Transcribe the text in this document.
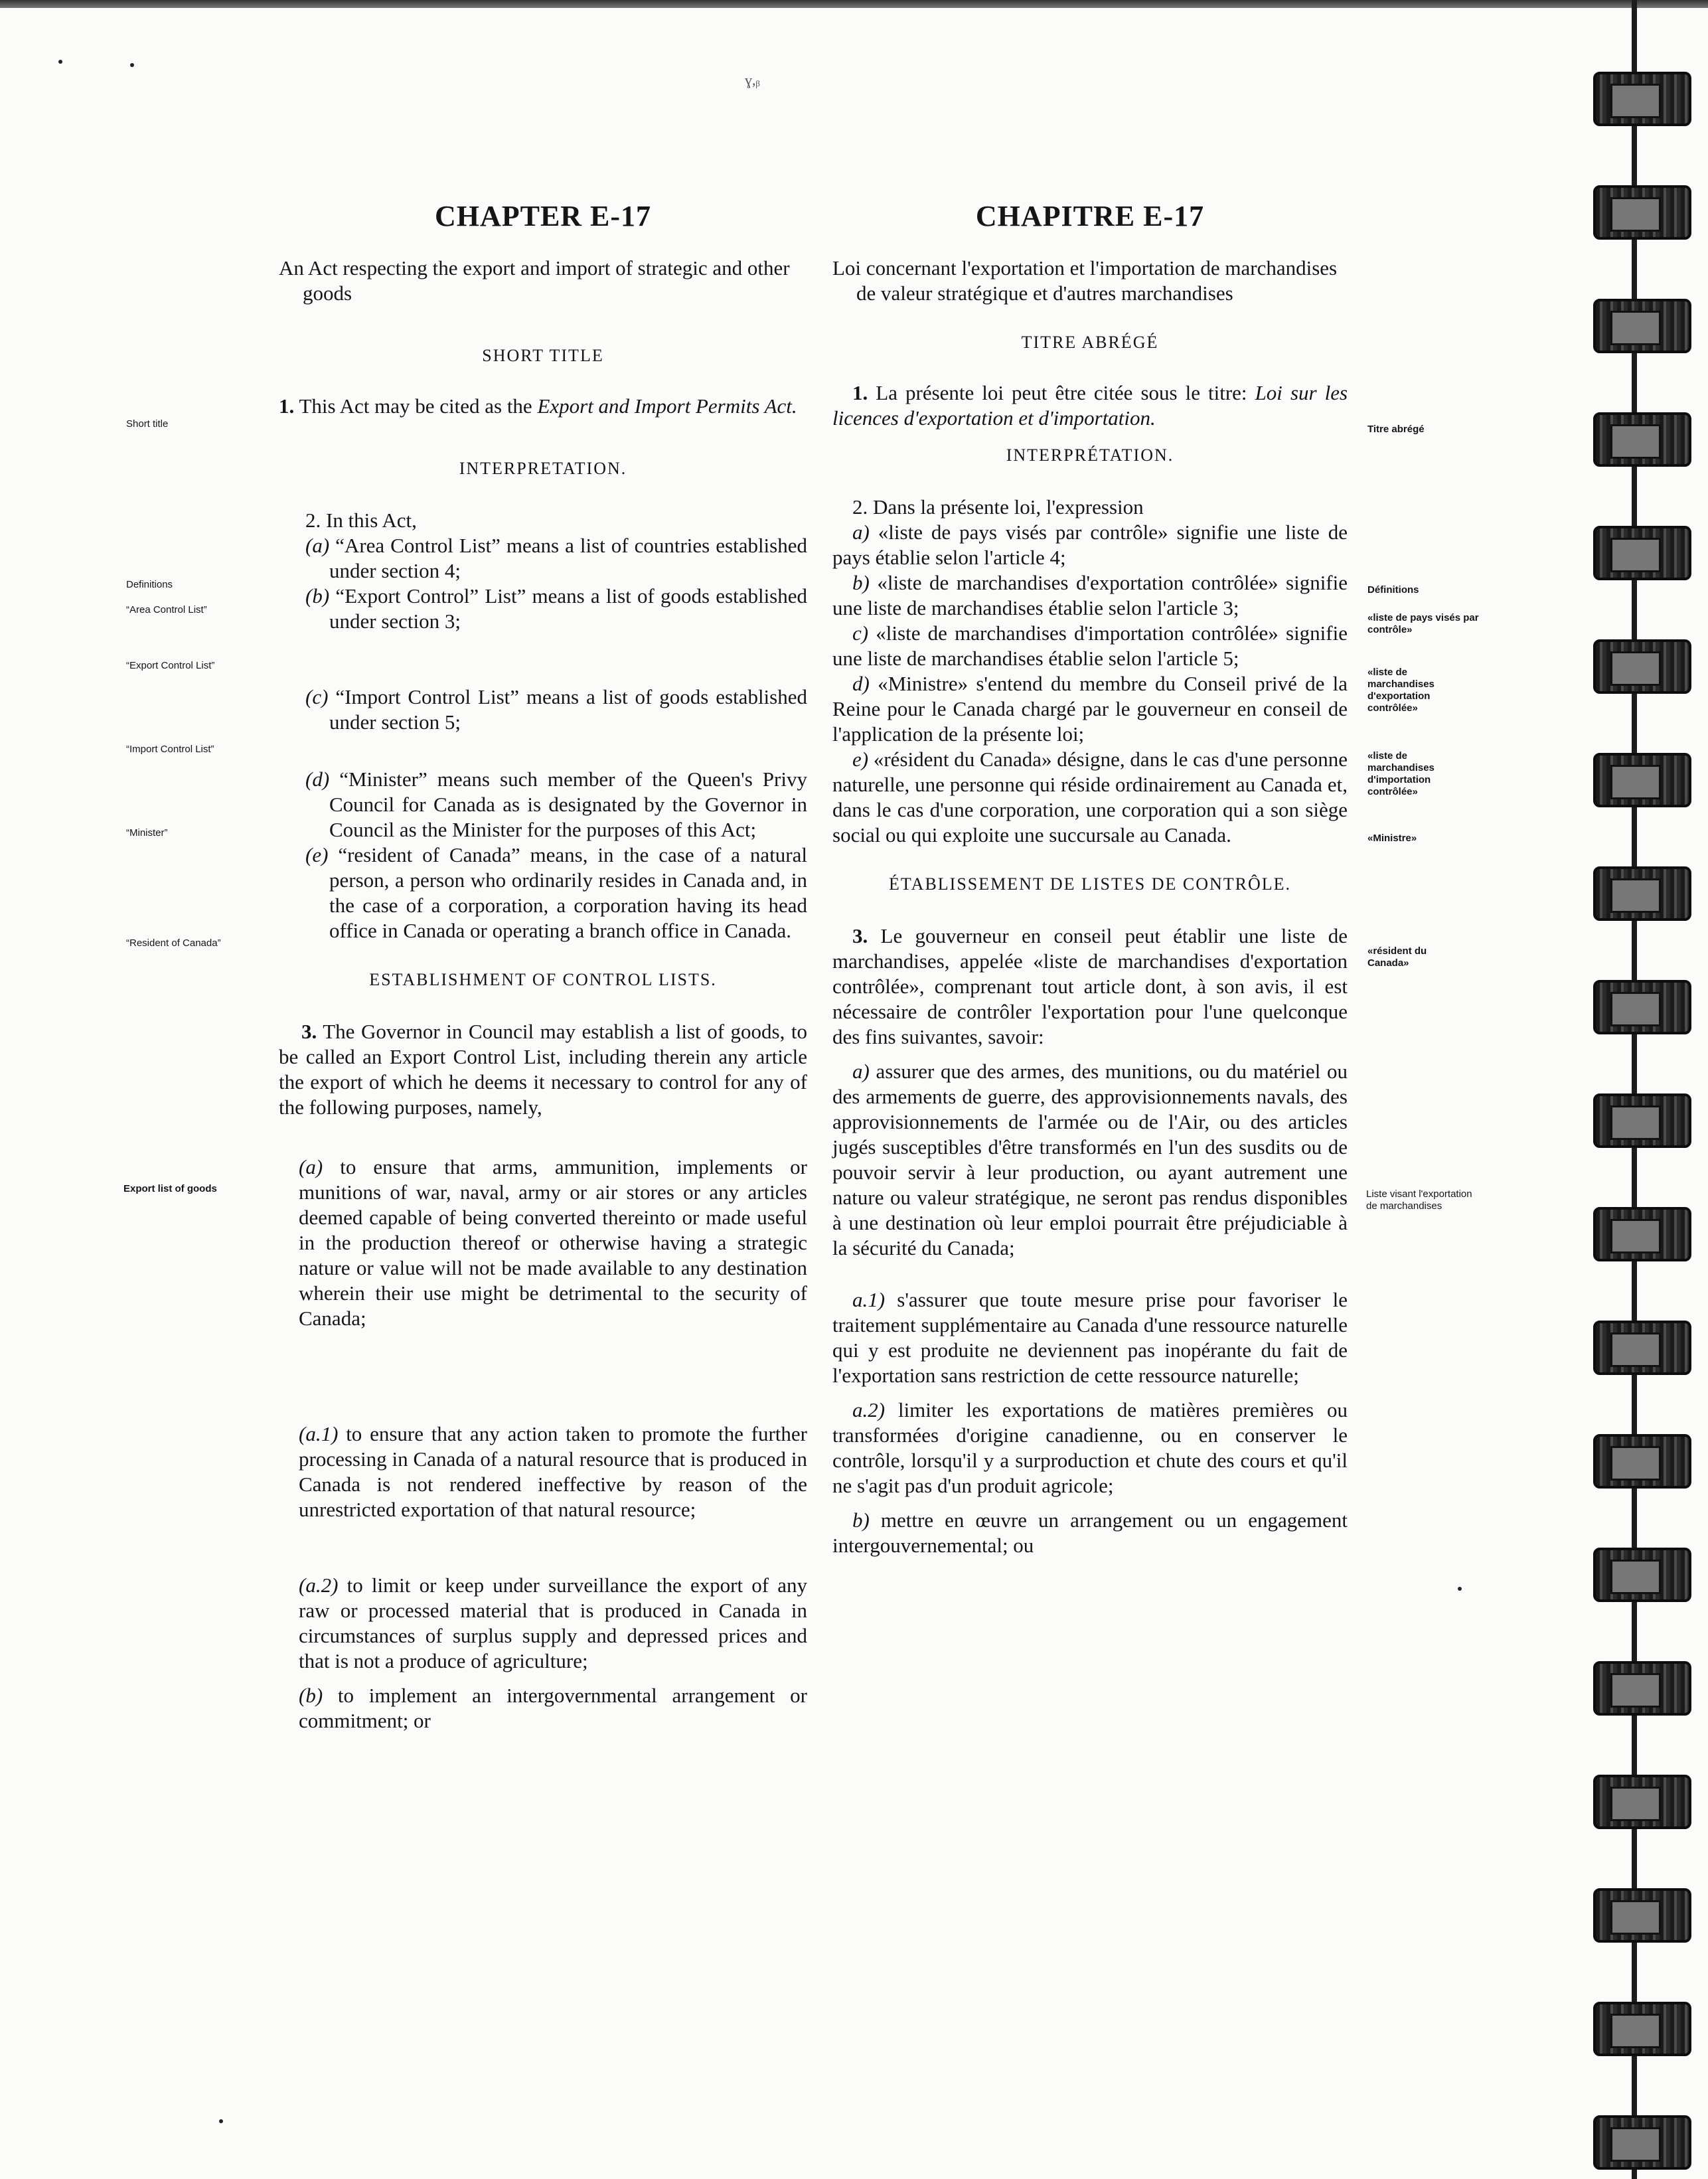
ɣ,ᵦ
CHAPTER E-17

An Act respecting the export and import of strategic and other goods

SHORT TITLE

1. This Act may be cited as the Export and Import Permits Act.

INTERPRETATION.

2. In this Act,

(a) “Area Control List” means a list of countries established under section 4;

(b) “Export Control” List” means a list of goods established under section 3;

(c) “Import Control List” means a list of goods established under section 5;

(d) “Minister” means such member of the Queen's Privy Council for Canada as is designated by the Governor in Council as the Minister for the purposes of this Act;

(e) “resident of Canada” means, in the case of a natural person, a person who ordinarily resides in Canada and, in the case of a corporation, a corporation having its head office in Canada or operating a branch office in Canada.

ESTABLISHMENT OF CONTROL LISTS.

3. The Governor in Council may establish a list of goods, to be called an Export Control List, including therein any article the export of which he deems it necessary to control for any of the following purposes, namely,

(a) to ensure that arms, ammunition, implements or munitions of war, naval, army or air stores or any articles deemed capable of being converted thereinto or made useful in the production thereof or otherwise having a strategic nature or value will not be made available to any destination wherein their use might be detrimental to the security of Canada;

(a.1) to ensure that any action taken to promote the further processing in Canada of a natural resource that is produced in Canada is not rendered ineffective by reason of the unrestricted exportation of that natural resource;

(a.2) to limit or keep under surveillance the export of any raw or processed material that is produced in Canada in circumstances of surplus supply and depressed prices and that is not a produce of agriculture;

(b) to implement an intergovernmental arrangement or commitment; or

CHAPITRE E-17

Loi concernant l'exportation et l'importation de marchandises de valeur stratégique et d'autres marchandises

TITRE ABRÉGÉ

1. La présente loi peut être citée sous le titre: Loi sur les licences d'exportation et d'importation.

INTERPRÉTATION.

2. Dans la présente loi, l'expression

a) «liste de pays visés par contrôle» signifie une liste de pays établie selon l'article 4;

b) «liste de marchandises d'exportation contrôlée» signifie une liste de marchandises établie selon l'article 3;

c) «liste de marchandises d'importation contrôlée» signifie une liste de marchandises établie selon l'article 5;

d) «Ministre» s'entend du membre du Conseil privé de la Reine pour le Canada chargé par le gouverneur en conseil de l'application de la présente loi;

e) «résident du Canada» désigne, dans le cas d'une personne naturelle, une personne qui réside ordinairement au Canada et, dans le cas d'une corporation, une corporation qui a son siège social ou qui exploite une succursale au Canada.

ÉTABLISSEMENT DE LISTES DE CONTRÔLE.

3. Le gouverneur en conseil peut établir une liste de marchandises, appelée «liste de marchandises d'exportation contrôlée», comprenant tout article dont, à son avis, il est nécessaire de contrôler l'exportation pour l'une quelconque des fins suivantes, savoir:

a) assurer que des armes, des munitions, ou du matériel ou des armements de guerre, des approvisionnements navals, des approvisionnements de l'armée ou de l'Air, ou des articles jugés susceptibles d'être transformés en l'un des susdits ou de pouvoir servir à leur production, ou ayant autrement une nature ou valeur stratégique, ne seront pas rendus disponibles à une destination où leur emploi pourrait être préjudiciable à la sécurité du Canada;

a.1) s'assurer que toute mesure prise pour favoriser le traitement supplémentaire au Canada d'une ressource naturelle qui y est produite ne deviennent pas inopérante du fait de l'exportation sans restriction de cette ressource naturelle;

a.2) limiter les exportations de matières premières ou transformées d'origine canadienne, ou en conserver le contrôle, lorsqu'il y a surproduction et chute des cours et qu'il ne s'agit pas d'un produit agricole;

b) mettre en œuvre un arrangement ou un engagement intergouvernemental; ou

Short title
Definitions
“Area Control List”
“Export Control List”
“Import Control List”
“Minister”
“Resident of Canada”
Export list of goods
Titre abrégé
Définitions
«liste de pays visés par contrôle»
«liste de marchandises d'exportation contrôlée»
«liste de marchandises d'importation contrôlée»
«Ministre»
«résident du Canada»
Liste visant l'exportation de marchandises
